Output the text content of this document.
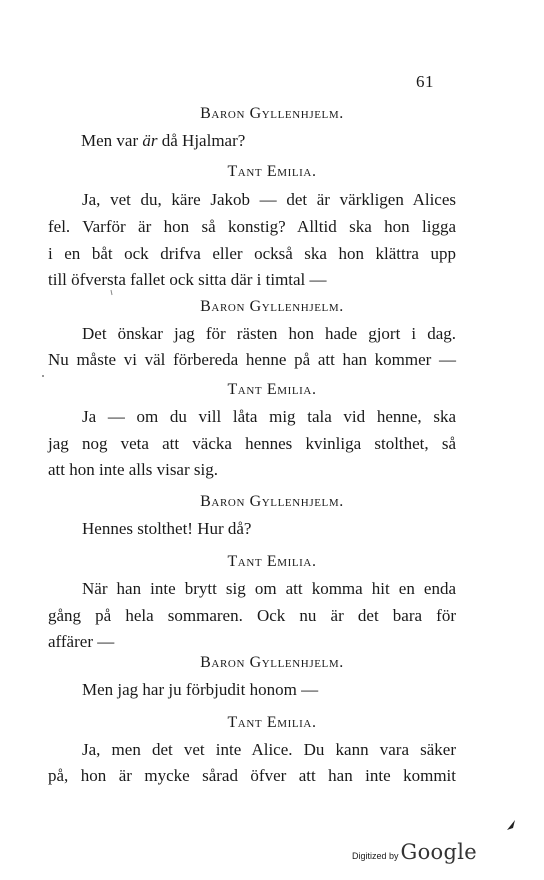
61
Baron Gyllenhjelm.
Men var är då Hjalmar?
Tant Emilia.
Ja, vet du, käre Jakob — det är värkligen Alices
fel. Varför är hon så konstig? Alltid ska hon ligga
i en båt ock drifva eller också ska hon klättra upp
till öfversta fallet ock sitta där i timtal —
Baron Gyllenhjelm.
Det önskar jag för rästen hon hade gjort i dag.
Nu måste vi väl förbereda henne på att han kommer —
Tant Emilia.
Ja — om du vill låta mig tala vid henne, ska
jag nog veta att väcka hennes kvinliga stolthet, så
att hon inte alls visar sig.
Baron Gyllenhjelm.
Hennes stolthet! Hur då?
Tant Emilia.
När han inte brytt sig om att komma hit en enda
gång på hela sommaren. Ock nu är det bara för
affärer —
Baron Gyllenhjelm.
Men jag har ju förbjudit honom —
Tant Emilia.
Ja, men det vet inte Alice. Du kann vara säker
på, hon är mycke sårad öfver att han inte kommit
Digitized by Google
